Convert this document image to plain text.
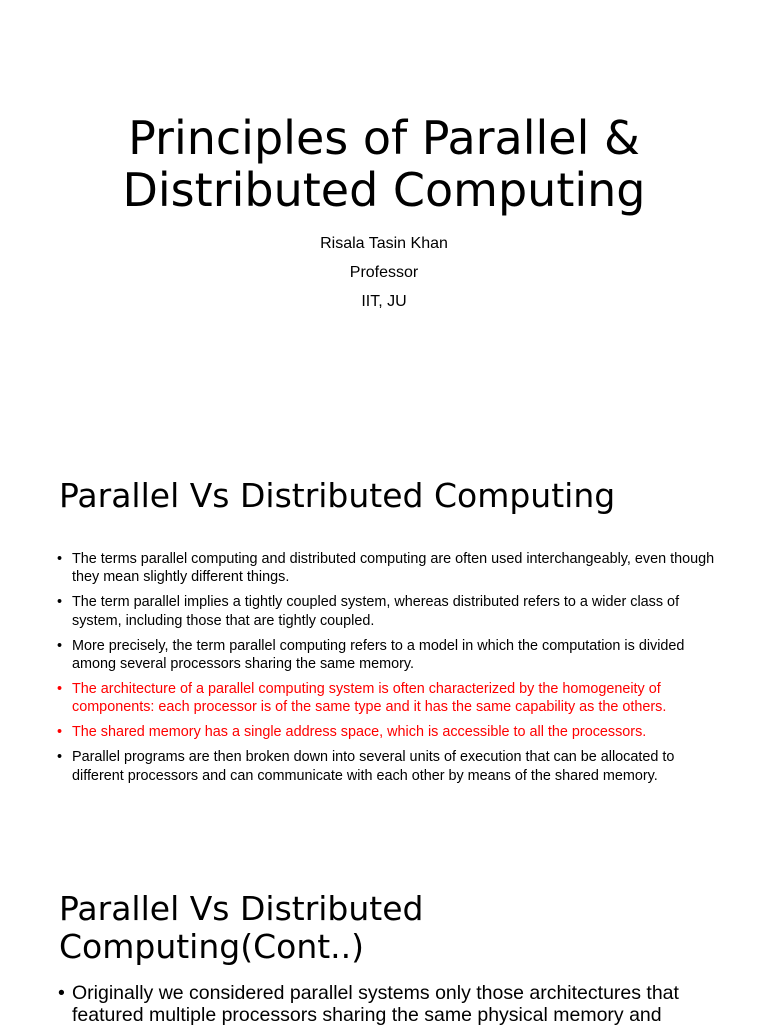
Principles of Parallel &
Distributed Computing
Risala Tasin Khan
Professor
IIT, JU
Parallel Vs Distributed Computing
• The terms parallel computing and distributed computing are often used interchangeably, even though they mean slightly different things.
• The term parallel implies a tightly coupled system, whereas distributed refers to a wider class of system, including those that are tightly coupled.
• More precisely, the term parallel computing refers to a model in which the computation is divided among several processors sharing the same memory.
• The architecture of a parallel computing system is often characterized by the homogeneity of components: each processor is of the same type and it has the same capability as the others.
• The shared memory has a single address space, which is accessible to all the processors.
• Parallel programs are then broken down into several units of execution that can be allocated to different processors and can communicate with each other by means of the shared memory.
Parallel Vs Distributed
Computing(Cont..)
• Originally we considered parallel systems only those architectures that featured multiple processors sharing the same physical memory and
